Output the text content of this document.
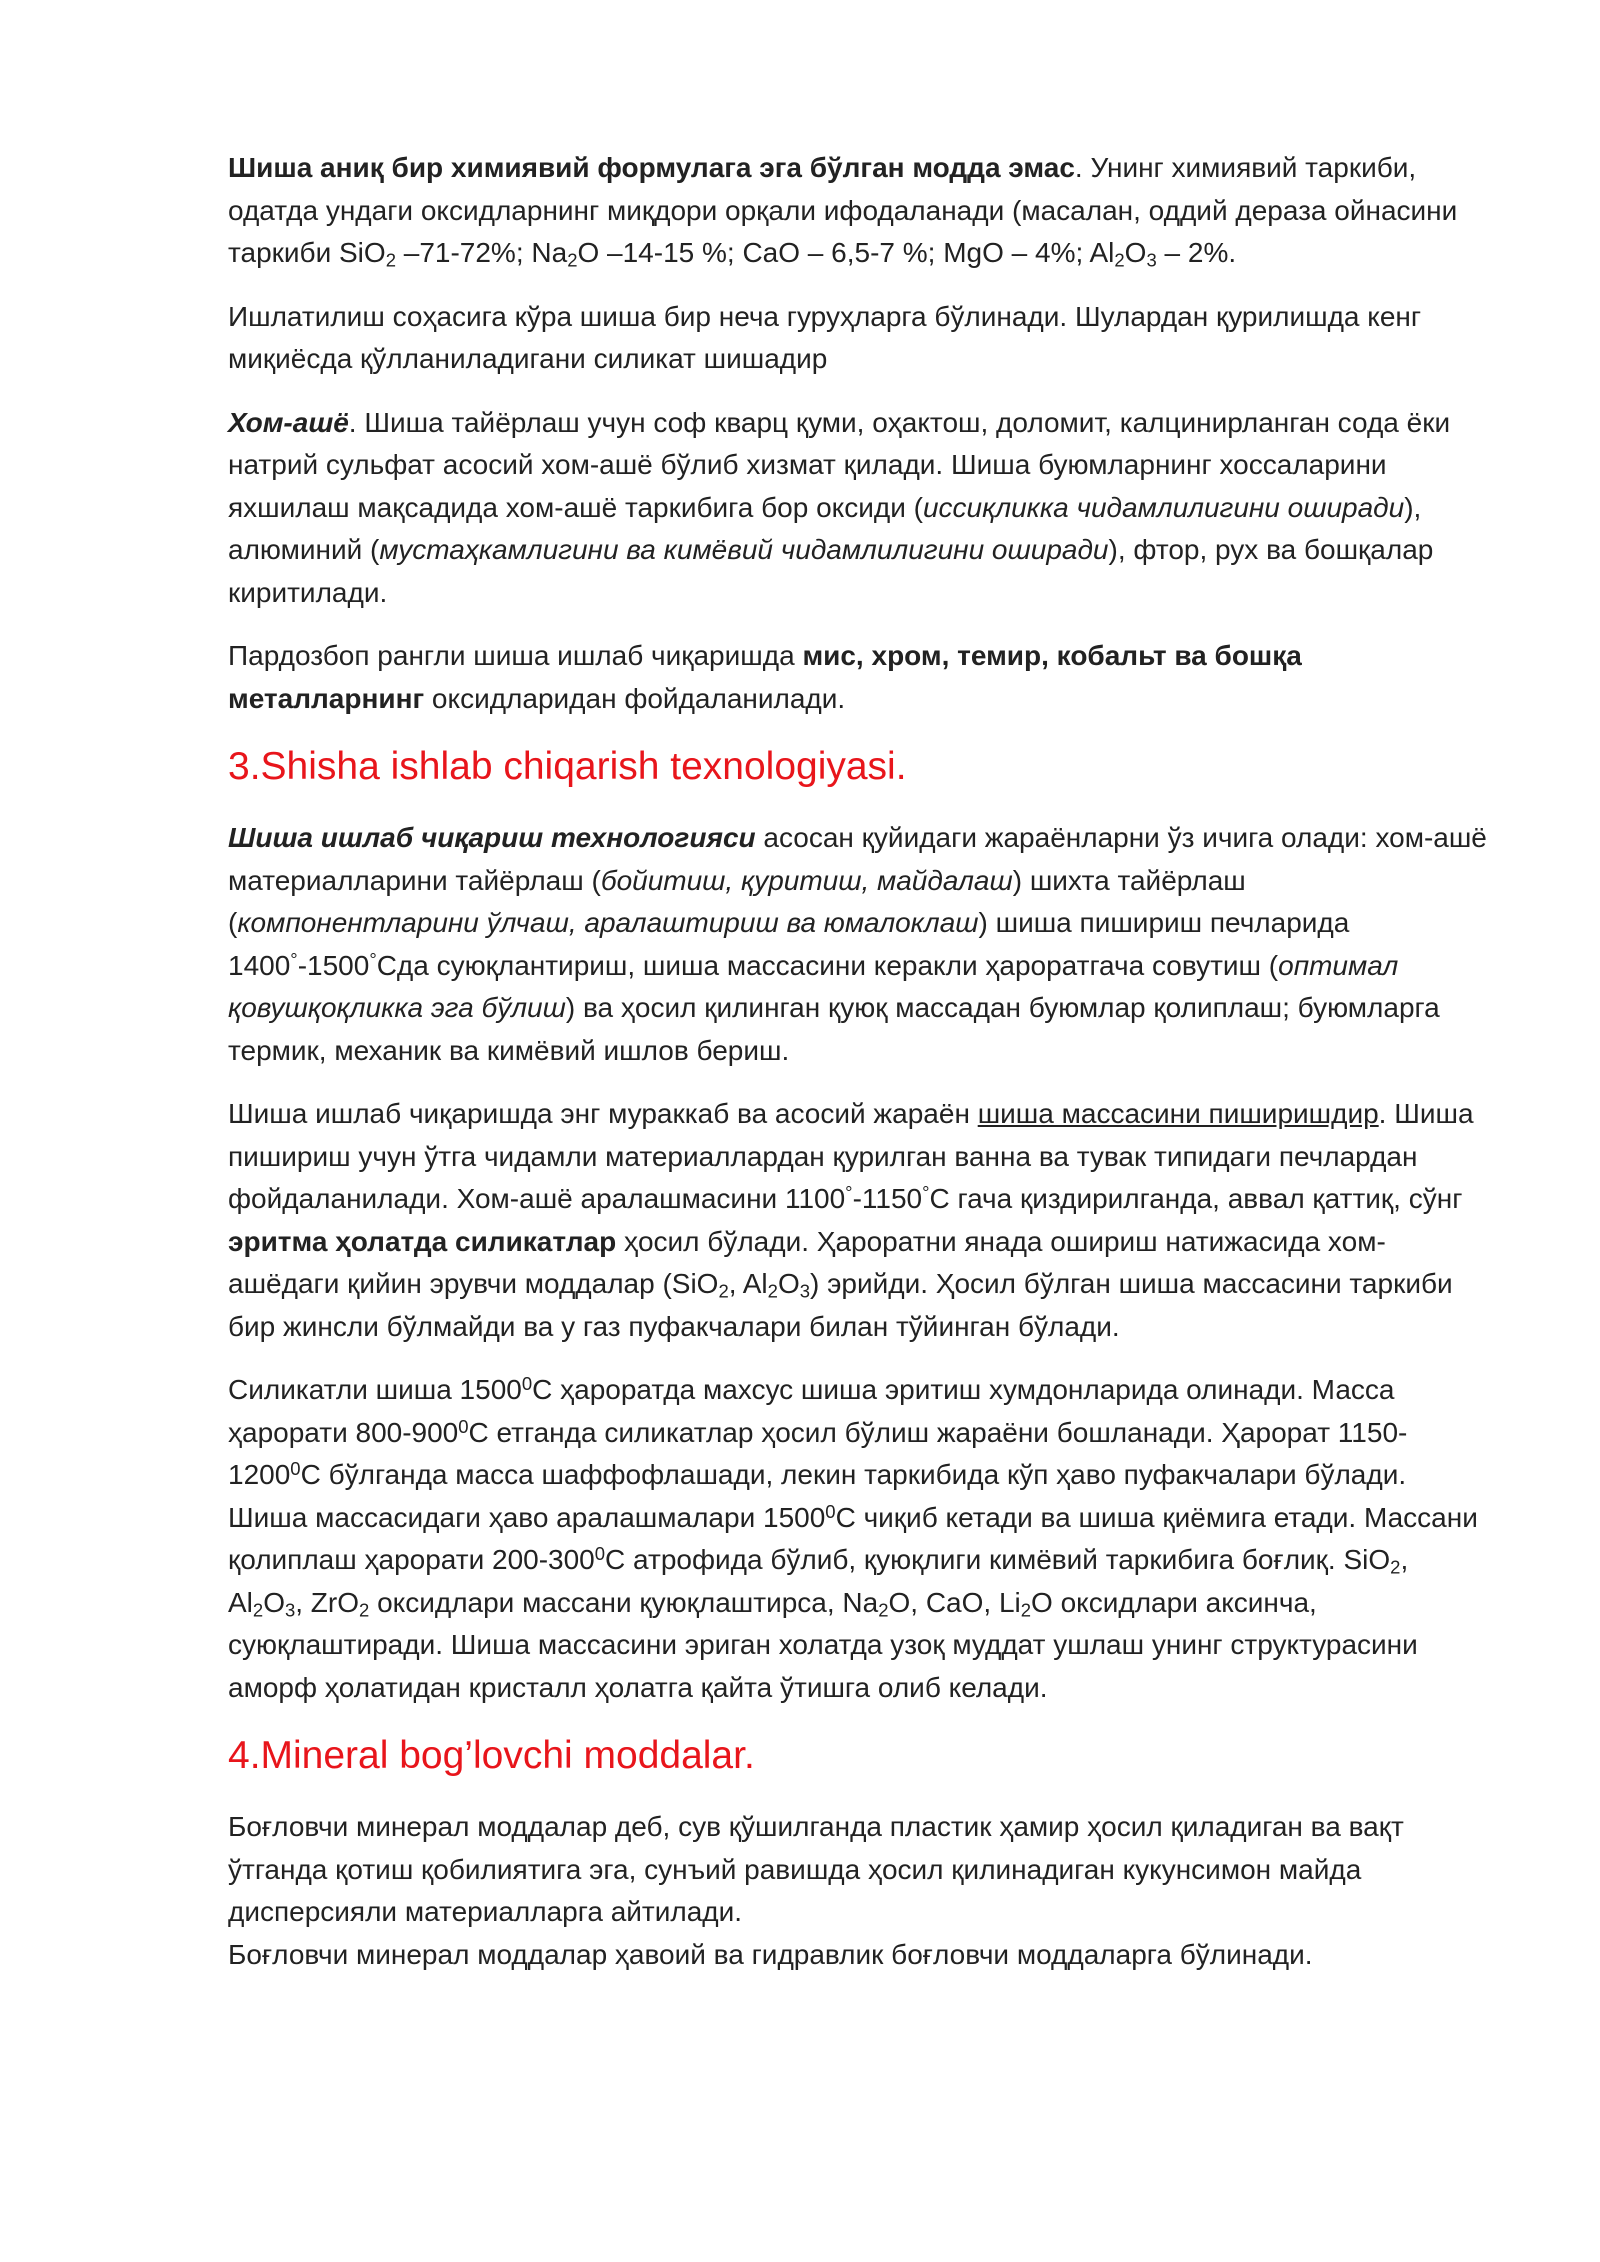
Шиша аниқ бир химиявий формулага эга бўлган модда эмас. Унинг химиявий таркиби, одатда ундаги оксидларнинг миқдори орқали ифодаланади (масалан, оддий дераза ойнасини таркиби SiO$_2$ –71-72%; $Na_2O$ –14-15 %; CaO – 6,5-7 %; MgO – 4%; $Al_2O_3 - 2\%$.

Ишлатилиш соҳасига кўра шиша бир неча гуруҳларга бўлинади. Шулардан қурилишда кенг миқиёсда қўлланиладигани силикат шишадир

Хом-ашё. Шиша тайёрлаш учун соф кварц қуми, оҳактош, доломит, калцинирланган сода ёки натрий сульфат асосий хом-ашё бўлиб хизмат қилади. Шиша буюмларнинг хоссаларини яхшилаш мақсадида хом-ашё таркибига бор оксиди (иссиқликка чидамлилигини оширади), алюминий (мустаҳкамлигини ва кимёвий чидамлилигини оширади), фтор, рух ва бошқалар киритилади.

Пардозбоп рангли шиша ишлаб чиқаришда мис, хром, темир, кобальт ва бошқа металларнинг оксидларидан фойдаланилади.

3.Shisha ishlab chiqarish texnologiyasi.

Шиша ишлаб чиқариш технологияси асосан қуйидаги жараёнларни ўз ичига олади: хом-ашё материалларини тайёрлаш (бойитиш, қуритиш, майдалаш) шихта тайёрлаш (компонентларини ўлчаш, аралаштириш ва юмалоклаш) шиша пишириш печларида 1400°-1500°Сда суюқлантириш, шиша массасини керакли ҳароратгача совутиш (оптимал қовушқоқликка эга бўлиш) ва ҳосил қилинган қуюқ массадан буюмлар қолиплаш; буюмларга термик, механик ва кимёвий ишлов бериш.

Шиша ишлаб чиқаришда энг мураккаб ва асосий жараён шиша массасини пиширишдир. Шиша пишириш учун ўтга чидамли материаллардан қурилган ванна ва тувак типидаги печлардан фойдаланилади. Хом-ашё аралашмасини 1100°-1150°С гача қиздирилганда, аввал қаттиқ, сўнг эритма ҳолатда силикатлар ҳосил бўлади. Ҳароратни янада ошириш натижасида хом-ашёдаги қийин эрувчи моддалар (SiO$_2$, $Al_2O_3$) эрийди. Ҳосил бўлган шиша массасини таркиби бир жинсли бўлмайди ва у газ пуфакчалари билан тўйинган бўлади.

Силикатли шиша 1500$^0$С ҳароратда махсус шиша эритиш хумдонларида олинади. Масса ҳарорати $800-900^0С$ етганда силикатлар ҳосил бўлиш жараёни бошланади. Ҳарорат 1150-1200$^0$С бўлганда масса шаффофлашади, лекин таркибида кўп ҳаво пуфакчалари бўлади. Шиша массасидаги ҳаво аралашмалари 1500$^0$С чиқиб кетади ва шиша қиёмига етади. Массани қолиплаш ҳарорати $200-300^0С$ атрофида бўлиб, қуюқлиги кимёвий таркибига боғлиқ. SiO$_2$, $Al_2O_3$, ZrO$_2$ оксидлари массани қуюқлаштирса, $Na_2O$, CaO, $Li_2O$ оксидлари аксинча, суюқлаштиради. Шиша массасини эриган холатда узоқ муддат ушлаш унинг структурасини аморф ҳолатидан кристалл ҳолатга қайта ўтишга олиб келади.

4.Mineral bog’lovchi moddalar.

Боғловчи минерал моддалар деб, сув қўшилганда пластик ҳамир ҳосил қиладиган ва вақт ўтганда қотиш қобилиятига эга, сунъий равишда ҳосил қилинадиган кукунсимон майда дисперсияли материалларга айтилади.
Боғловчи минерал моддалар ҳавоий ва гидравлик боғловчи моддаларга бўлинади.
